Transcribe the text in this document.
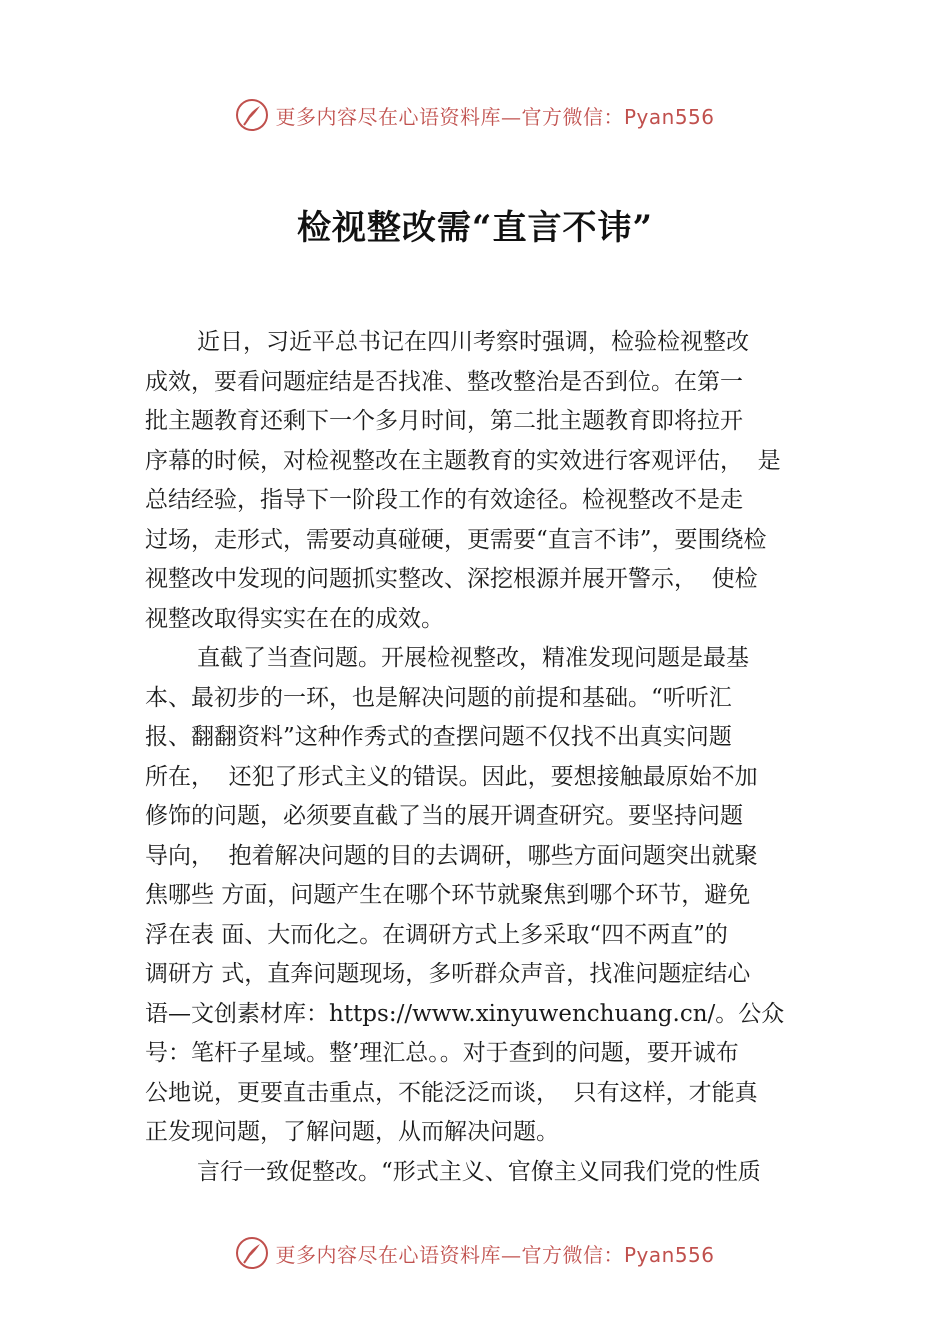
更多内容尽在心语资料库—官方微信：Pyan556
检视整改需“直言不讳”
近日，习近平总书记在四川考察时强调，检验检视整改
成效，要看问题症结是否找准、整改整治是否到位。在第一
批主题教育还剩下一个多月时间，第二批主题教育即将拉开
序幕的时候，对检视整改在主题教育的实效进行客观评估，  是
总结经验，指导下一阶段工作的有效途径。检视整改不是走
过场，走形式，需要动真碰硬，更需要“直言不讳”，要围绕检
视整改中发现的问题抓实整改、深挖根源并展开警示，  使检
视整改取得实实在在的成效。
直截了当查问题。开展检视整改，精准发现问题是最基
本、最初步的一环，也是解决问题的前提和基础。“听听汇
报、翻翻资料”这种作秀式的查摆问题不仅找不出真实问题
所在，  还犯了形式主义的错误。因此，要想接触最原始不加
修饰的问题，必须要直截了当的展开调查研究。要坚持问题
导向，  抱着解决问题的目的去调研，哪些方面问题突出就聚
焦哪些 方面，问题产生在哪个环节就聚焦到哪个环节，避免
浮在表 面、大而化之。在调研方式上多采取“四不两直”的
调研方 式，直奔问题现场，多听群众声音，找准问题症结心
语—文创素材库：https://www.xinyuwenchuang.cn/。公众
号：笔杆子星域。整’理汇总。。对于查到的问题，要开诚布
公地说，更要直击重点，不能泛泛而谈，  只有这样，才能真
正发现问题，了解问题，从而解决问题。
言行一致促整改。“形式主义、官僚主义同我们党的性质
更多内容尽在心语资料库—官方微信：Pyan556
